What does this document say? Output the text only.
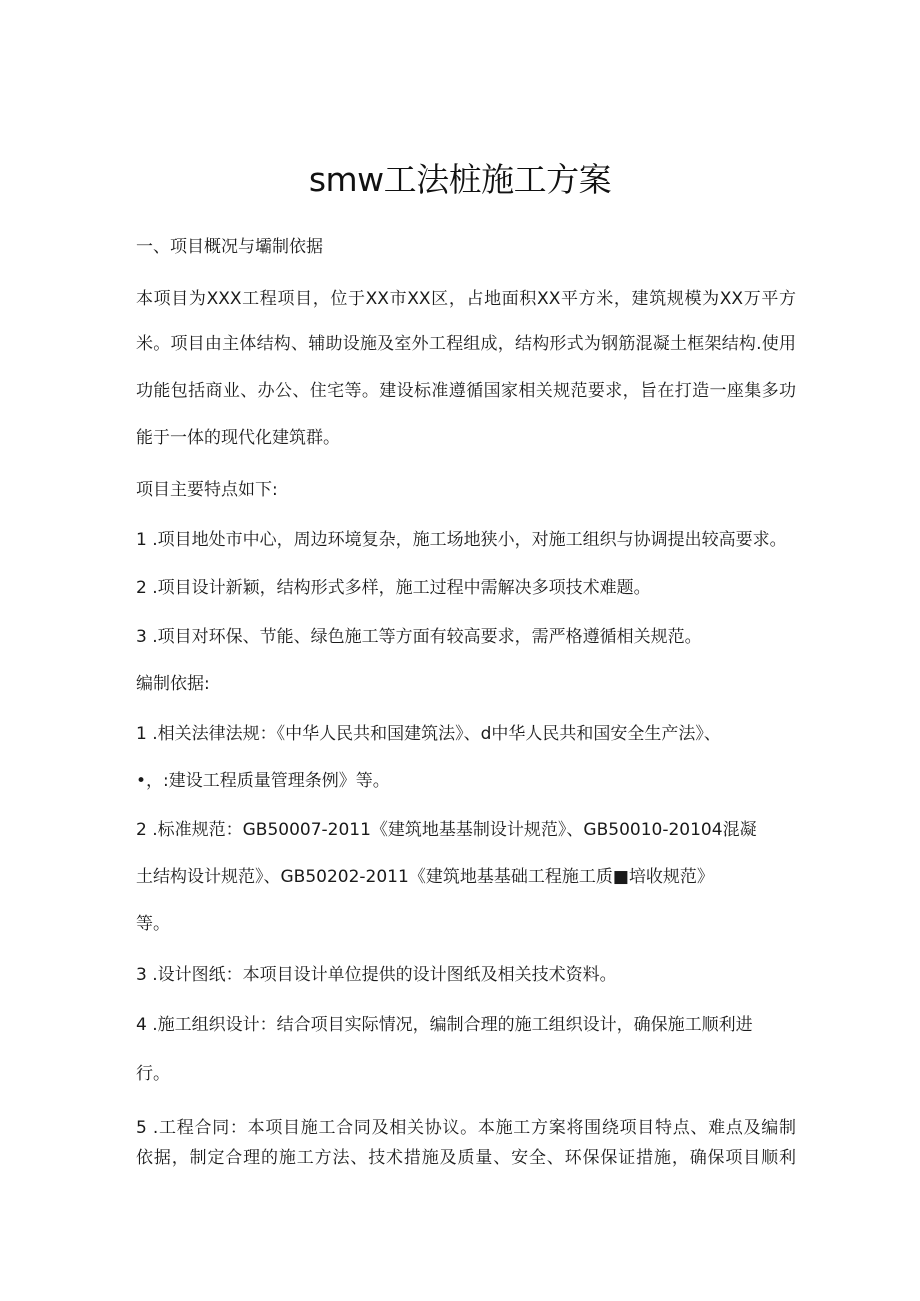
smw工法桩施工方案
一、项目概况与壩制依据
本项目为XXX工程项目，位于XX市XX区，占地面积XX平方米，建筑规模为XX万平方
米。项目由主体结构、辅助设施及室外工程组成，结构形式为钢筋混凝土框架结构.使用
功能包括商业、办公、住宅等。建设标准遵循国家相关规范要求，旨在打造一座集多功
能于一体的现代化建筑群。
项目主要特点如下:
1 .项目地处市中心，周边环境复杂，施工场地狭小，对施工组织与协调提出较高要求。
2 .项目设计新颖，结构形式多样，施工过程中需解决多项技术难题。
3 .项目对环保、节能、绿色施工等方面有较高要求，需严格遵循相关规范。
编制依据:
1 .相关法律法规：《中华人民共和国建筑法》、d中华人民共和国安全生产法》、
•，:建设工程质量管理条例》等。
2 .标准规范：GB50007-2011《建筑地基基制设计规范》、GB50010-20104混凝
土结构设计规范》、GB50202-2011《建筑地基基础工程施工质■培收规范》
等。
3 .设计图纸：本项目设计单位提供的设计图纸及相关技术资料。
4 .施工组织设计：结合项目实际情况，编制合理的施工组织设计，确保施工顺利进
行。
5 .工程合同：本项目施工合同及相关协议。本施工方案将围绕项目特点、难点及编制
依据，制定合理的施工方法、技术措施及质量、安全、环保保证措施，确保项目顺利
